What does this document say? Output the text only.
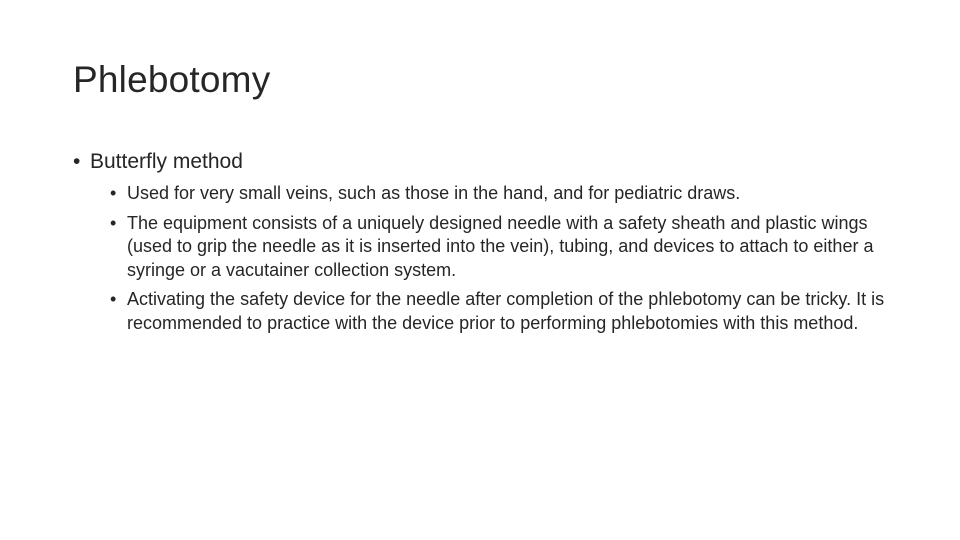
Phlebotomy
• Butterfly method
• Used for very small veins, such as those in the hand, and for pediatric draws.
• The equipment consists of a uniquely designed needle with a safety sheath and plastic wings (used to grip the needle as it is inserted into the vein), tubing, and devices to attach to either a syringe or a vacutainer collection system.
• Activating the safety device for the needle after completion of the phlebotomy can be tricky. It is recommended to practice with the device prior to performing phlebotomies with this method.
